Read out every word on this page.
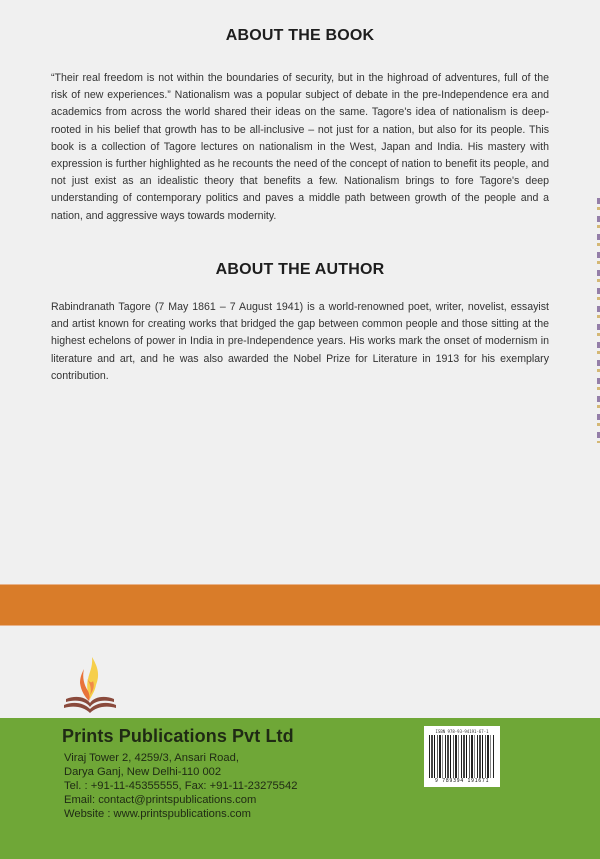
ABOUT THE BOOK

“Their real freedom is not within the boundaries of security, but in the highroad of adventures, full of the risk of new experiences.” Nationalism was a popular subject of debate in the pre-Independence era and academics from across the world shared their ideas on the same. Tagore's idea of nationalism is deep-rooted in his belief that growth has to be all-inclusive – not just for a nation, but also for its people. This book is a collection of Tagore lectures on nationalism in the West, Japan and India. His mastery with expression is further highlighted as he recounts the need of the concept of nation to benefit its people, and not just exist as an idealistic theory that benefits a few. Nationalism brings to fore Tagore's deep understanding of contemporary politics and paves a middle path between growth of the people and a nation, and aggressive ways towards modernity.

ABOUT THE AUTHOR

Rabindranath Tagore (7 May 1861 – 7 August 1941) is a world-renowned poet, writer, novelist, essayist and artist known for creating works that bridged the gap between common people and those sitting at the highest echelons of power in India in pre-Independence years. His works mark the onset of modernism in literature and art, and he was also awarded the Nobel Prize for Literature in 1913 for his exemplary contribution.

Prints Publications Pvt Ltd
Viraj Tower 2, 4259/3, Ansari Road,
Darya Ganj, New Delhi-110 002
Tel. : +91-11-45355555, Fax: +91-11-23275542
Email: contact@printspublications.com
Website : www.printspublications.com
ISBN 978-93-94191-67-1
9 789394 191671
